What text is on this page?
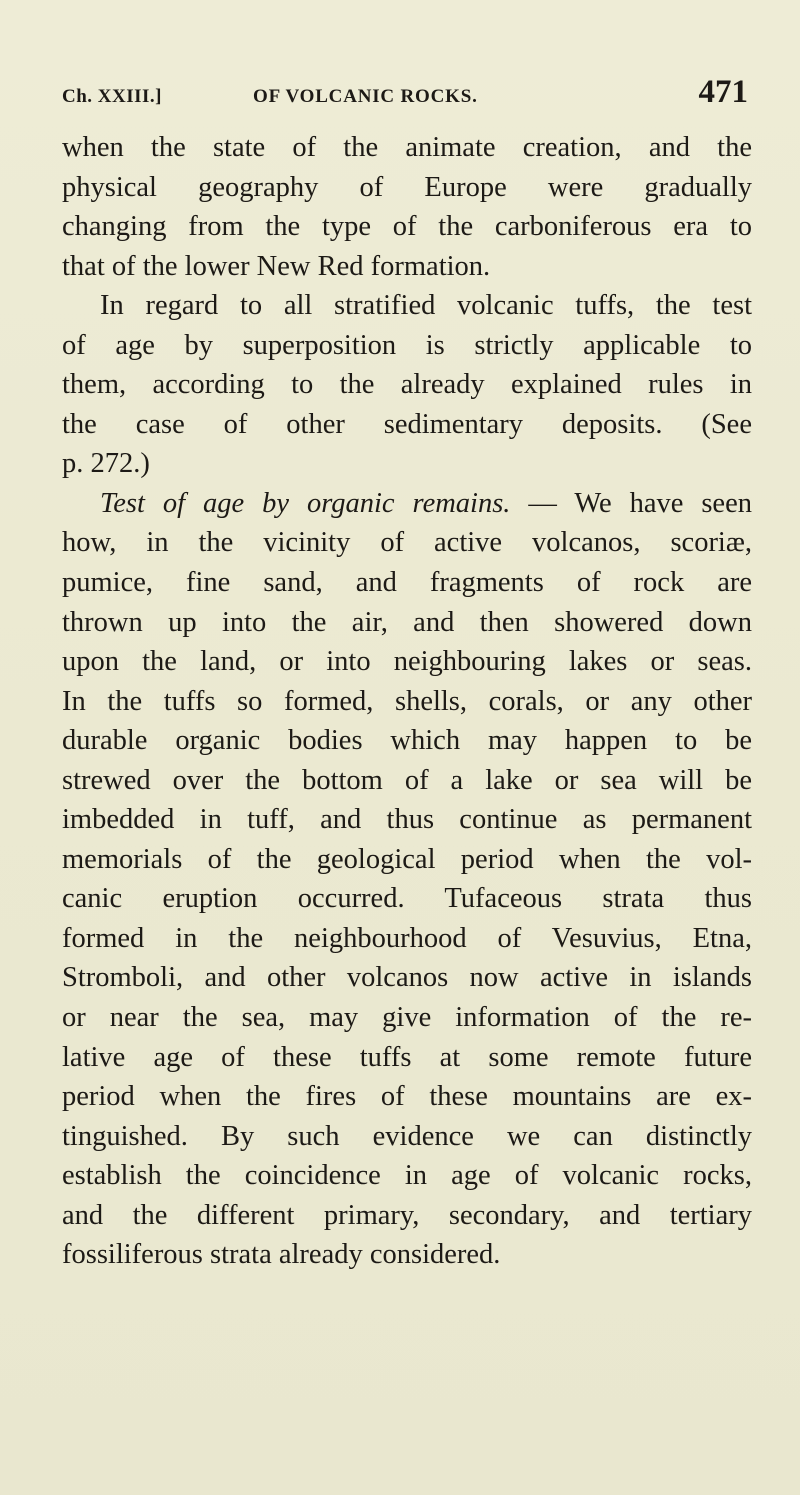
Ch. XXIII.]	OF VOLCANIC ROCKS.	471

when the state of the animate creation, and the

physical geography of Europe were gradually

changing from the type of the carboniferous era to

that of the lower New Red formation.

In regard to all stratified volcanic tuffs, the test

of age by superposition is strictly applicable to

them, according to the already explained rules in

the case of other sedimentary deposits. (See

p. 272.)

Test of age by organic remains. — We have seen

how, in the vicinity of active volcanos, scoriæ,

pumice, fine sand, and fragments of rock are

thrown up into the air, and then showered down

upon the land, or into neighbouring lakes or seas.

In the tuffs so formed, shells, corals, or any other

durable organic bodies which may happen to be

strewed over the bottom of a lake or sea will be

imbedded in tuff, and thus continue as permanent

memorials of the geological period when the vol-

canic eruption occurred. Tufaceous strata thus

formed in the neighbourhood of Vesuvius, Etna,

Stromboli, and other volcanos now active in islands

or near the sea, may give information of the re-

lative age of these tuffs at some remote future

period when the fires of these mountains are ex-

tinguished. By such evidence we can distinctly

establish the coincidence in age of volcanic rocks,

and the different primary, secondary, and tertiary

fossiliferous strata already considered.
